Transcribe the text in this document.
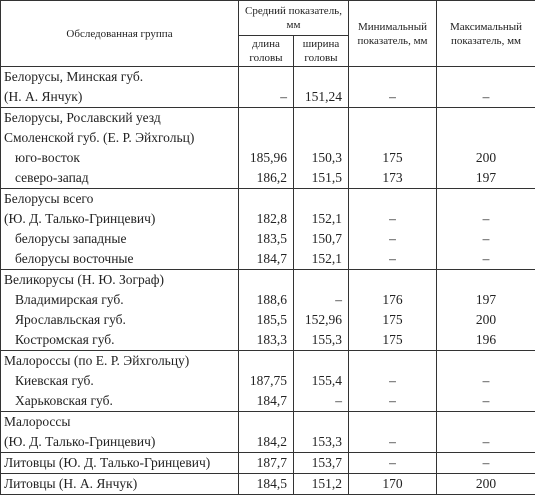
Обследованная группа	Средний показатель, мм		Минимальный показатель, мм	Максимальный показатель, мм
	длина головы	ширина головы		
Белорусы, Минская губ.				
(Н. А. Янчук)	–	151,24	–	–
Белорусы, Рославский уезд				
Смоленской губ. (Е. Р. Эйхгольц)				
юго-восток	185,96	150,3	175	200
северо-запад	186,2	151,5	173	197
Белорусы всего				
(Ю. Д. Талько-Гринцевич)	182,8	152,1	–	–
белорусы западные	183,5	150,7	–	–
белорусы восточные	184,7	152,1	–	–
Великорусы (Н. Ю. Зограф)				
Владимирская губ.	188,6	–	176	197
Ярославльская губ.	185,5	152,96	175	200
Костромская губ.	183,3	155,3	175	196
Малороссы (по Е. Р. Эйхгольцу)				
Киевская губ.	187,75	155,4	–	–
Харьковская губ.	184,7	–	–	–
Малороссы				
(Ю. Д. Талько-Гринцевич)	184,2	153,3	–	–
Литовцы (Ю. Д. Талько-Гринцевич)	187,7	153,7	–	–
Литовцы (Н. А. Янчук)	184,5	151,2	170	200
